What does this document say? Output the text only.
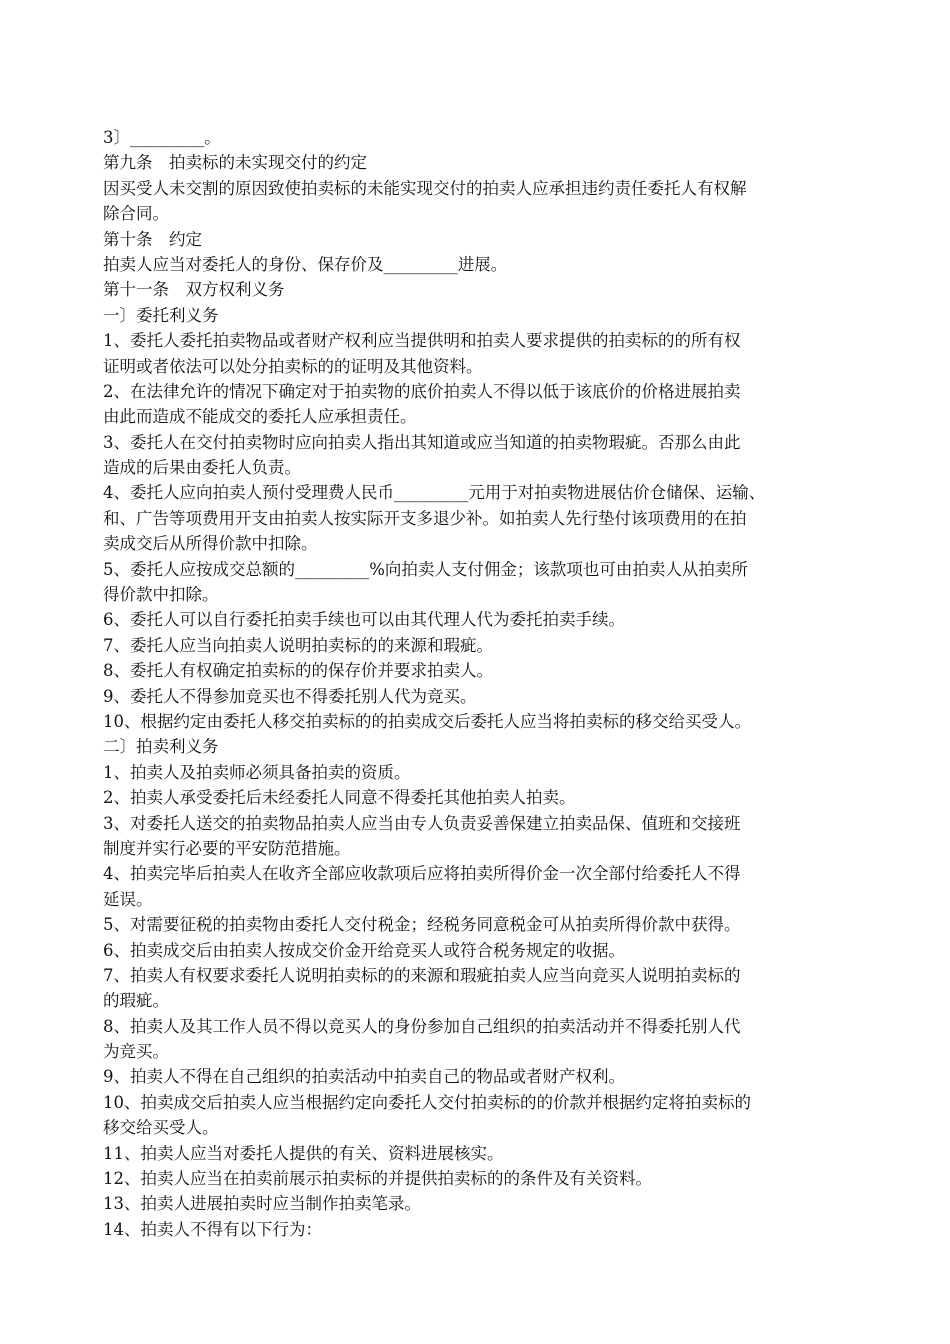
3〕_________。
第九条　拍卖标的未实现交付的约定
因买受人未交割的原因致使拍卖标的未能实现交付的拍卖人应承担违约责任委托人有权解
除合同。
第十条　约定
拍卖人应当对委托人的身份、保存价及_________进展。
第十一条　双方权利义务
一〕委托利义务
1、委托人委托拍卖物品或者财产权利应当提供明和拍卖人要求提供的拍卖标的的所有权
证明或者依法可以处分拍卖标的的证明及其他资料。
2、在法律允许的情况下确定对于拍卖物的底价拍卖人不得以低于该底价的价格进展拍卖
由此而造成不能成交的委托人应承担责任。
3、委托人在交付拍卖物时应向拍卖人指出其知道或应当知道的拍卖物瑕疵。否那么由此
造成的后果由委托人负责。
4、委托人应向拍卖人预付受理费人民币_________元用于对拍卖物进展估价仓储保、运输、
和、广告等项费用开支由拍卖人按实际开支多退少补。如拍卖人先行垫付该项费用的在拍
卖成交后从所得价款中扣除。
5、委托人应按成交总额的_________%向拍卖人支付佣金；该款项也可由拍卖人从拍卖所
得价款中扣除。
6、委托人可以自行委托拍卖手续也可以由其代理人代为委托拍卖手续。
7、委托人应当向拍卖人说明拍卖标的的来源和瑕疵。
8、委托人有权确定拍卖标的的保存价并要求拍卖人。
9、委托人不得参加竞买也不得委托别人代为竞买。
10、根据约定由委托人移交拍卖标的的拍卖成交后委托人应当将拍卖标的移交给买受人。
二〕拍卖利义务
1、拍卖人及拍卖师必须具备拍卖的资质。
2、拍卖人承受委托后未经委托人同意不得委托其他拍卖人拍卖。
3、对委托人送交的拍卖物品拍卖人应当由专人负责妥善保建立拍卖品保、值班和交接班
制度并实行必要的平安防范措施。
4、拍卖完毕后拍卖人在收齐全部应收款项后应将拍卖所得价金一次全部付给委托人不得
延误。
5、对需要征税的拍卖物由委托人交付税金；经税务同意税金可从拍卖所得价款中获得。
6、拍卖成交后由拍卖人按成交价金开给竞买人或符合税务规定的收据。
7、拍卖人有权要求委托人说明拍卖标的的来源和瑕疵拍卖人应当向竞买人说明拍卖标的
的瑕疵。
8、拍卖人及其工作人员不得以竞买人的身份参加自己组织的拍卖活动并不得委托别人代
为竞买。
9、拍卖人不得在自己组织的拍卖活动中拍卖自己的物品或者财产权利。
10、拍卖成交后拍卖人应当根据约定向委托人交付拍卖标的的价款并根据约定将拍卖标的
移交给买受人。
11、拍卖人应当对委托人提供的有关、资料进展核实。
12、拍卖人应当在拍卖前展示拍卖标的并提供拍卖标的的条件及有关资料。
13、拍卖人进展拍卖时应当制作拍卖笔录。
14、拍卖人不得有以下行为：
